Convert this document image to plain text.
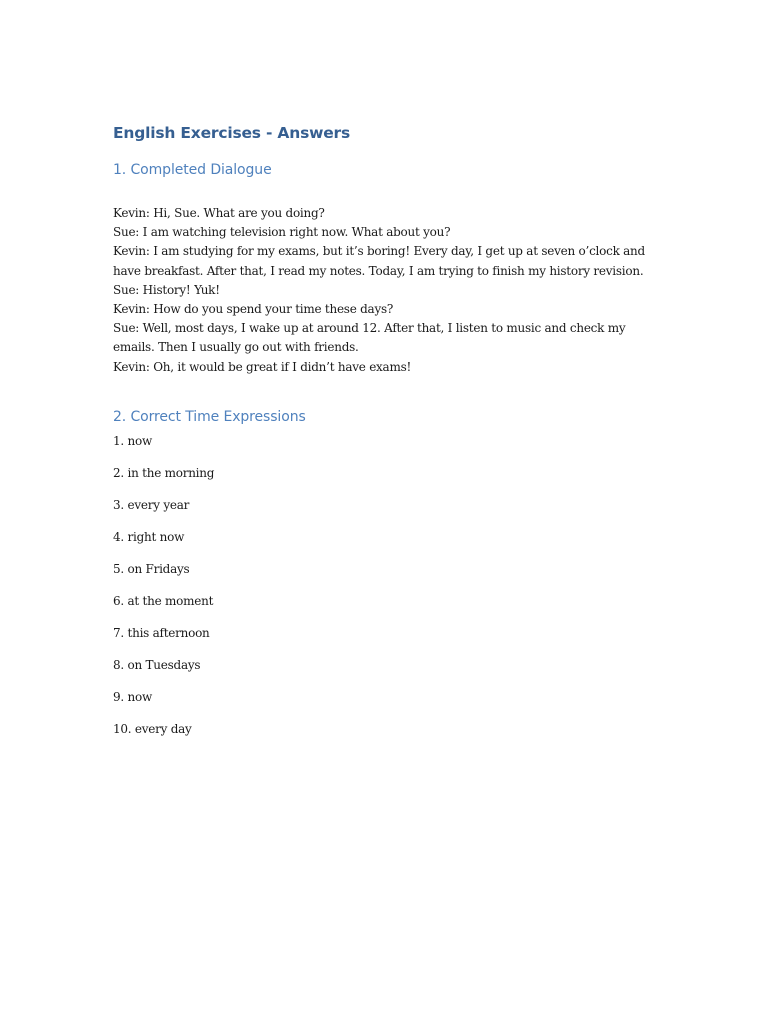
English Exercises - Answers
1. Completed Dialogue

Kevin: Hi, Sue. What are you doing?

Sue: I am watching television right now. What about you?

Kevin: I am studying for my exams, but it’s boring! Every day, I get up at seven o’clock and have breakfast. After that, I read my notes. Today, I am trying to finish my history revision.

Sue: History! Yuk!

Kevin: How do you spend your time these days?

Sue: Well, most days, I wake up at around 12. After that, I listen to music and check my emails. Then I usually go out with friends.

Kevin: Oh, it would be great if I didn’t have exams!

2. Correct Time Expressions
1. now
2. in the morning
3. every year
4. right now
5. on Fridays
6. at the moment
7. this afternoon
8. on Tuesdays
9. now
10. every day
